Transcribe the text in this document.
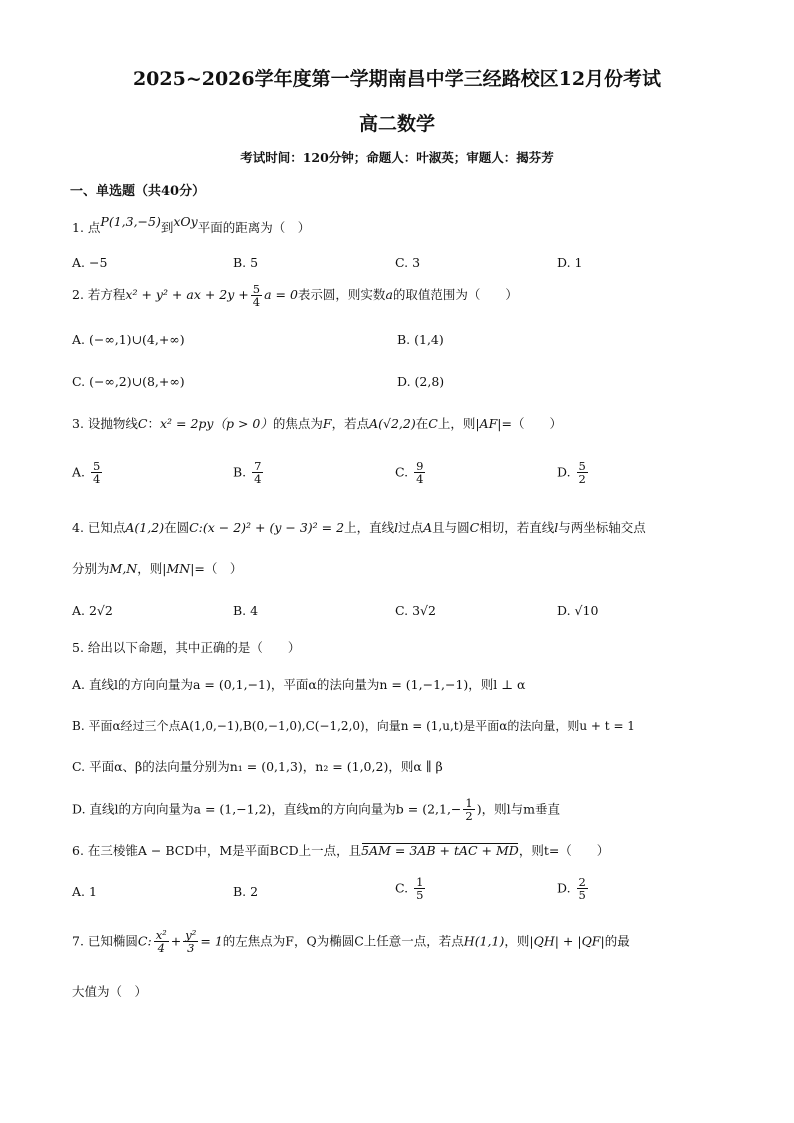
2025~2026学年度第一学期南昌中学三经路校区12月份考试
高二数学
考试时间：120分钟；命题人：叶淑英；审题人：揭芬芳
一、单选题（共40分）
1. 点P(1,3,−5)到xOy平面的距离为（　）
A. −5	B. 5	C. 3	D. 1
2. 若方程x² + y² + ax + $2y + \frac{5}{4}$ a = 0表示圆，则实数a的取值范围为（　　）
A. (−∞,1)∪(4,+∞)	B. (1,4)
C. (−∞,2)∪(8,+∞)	D. (2,8)
3. 设抛物线C：x² = 2py（p > 0）的焦点为F，若点A(√2,2)在C上，则|AF|=（　　）
A. $\frac{5}{4}$	B. $\frac{7}{4}$	C. $\frac{9}{4}$	D. $\frac{5}{2}$
4. 已知点A(1,2)在圆C:(x − 2)² + (y − 3)² = 2上，直线l过点A且与圆C相切，若直线l与两坐标轴交点
分别为M,N，则|MN|=（　）
A. 2√2	B. 4	C. 3√2	D. √10
5. 给出以下命题，其中正确的是（　　）
A. 直线l的方向向量为a = (0,1,−1)，平面α的法向量为n = (1,−1,−1)，则l ⊥ α
B. 平面α经过三个点A(1,0,−1),B(0,−1,0),C(−1,2,0)，向量n = (1,u,t)是平面α的法向量，则u + t = 1
C. 平面α、β的法向量分别为n₁ = (0,1,3)，n₂ = (1,0,2)，则α ∥ β
D. 直线l的方向向量为a = (1,−1,2)，直线m的方向向量为$b = (2,1,- \frac{1}{2}$ )，则l与m垂直
6. 在三棱锥A − BCD中，M是平面BCD上一点，且5AM = 3AB + tAC + MD，则t=（　　）
A. 1	B. 2	C. $\frac{1}{5}$	D. $\frac{2}{5}$
7. 已知椭圆C: $\frac{\text{x²}}{4} + \frac{\text{y²}}{3} = 1$的左焦点为F，Q为椭圆C上任意一点，若点H(1,1)，则|QH| + |QF|的最
大值为（　）
